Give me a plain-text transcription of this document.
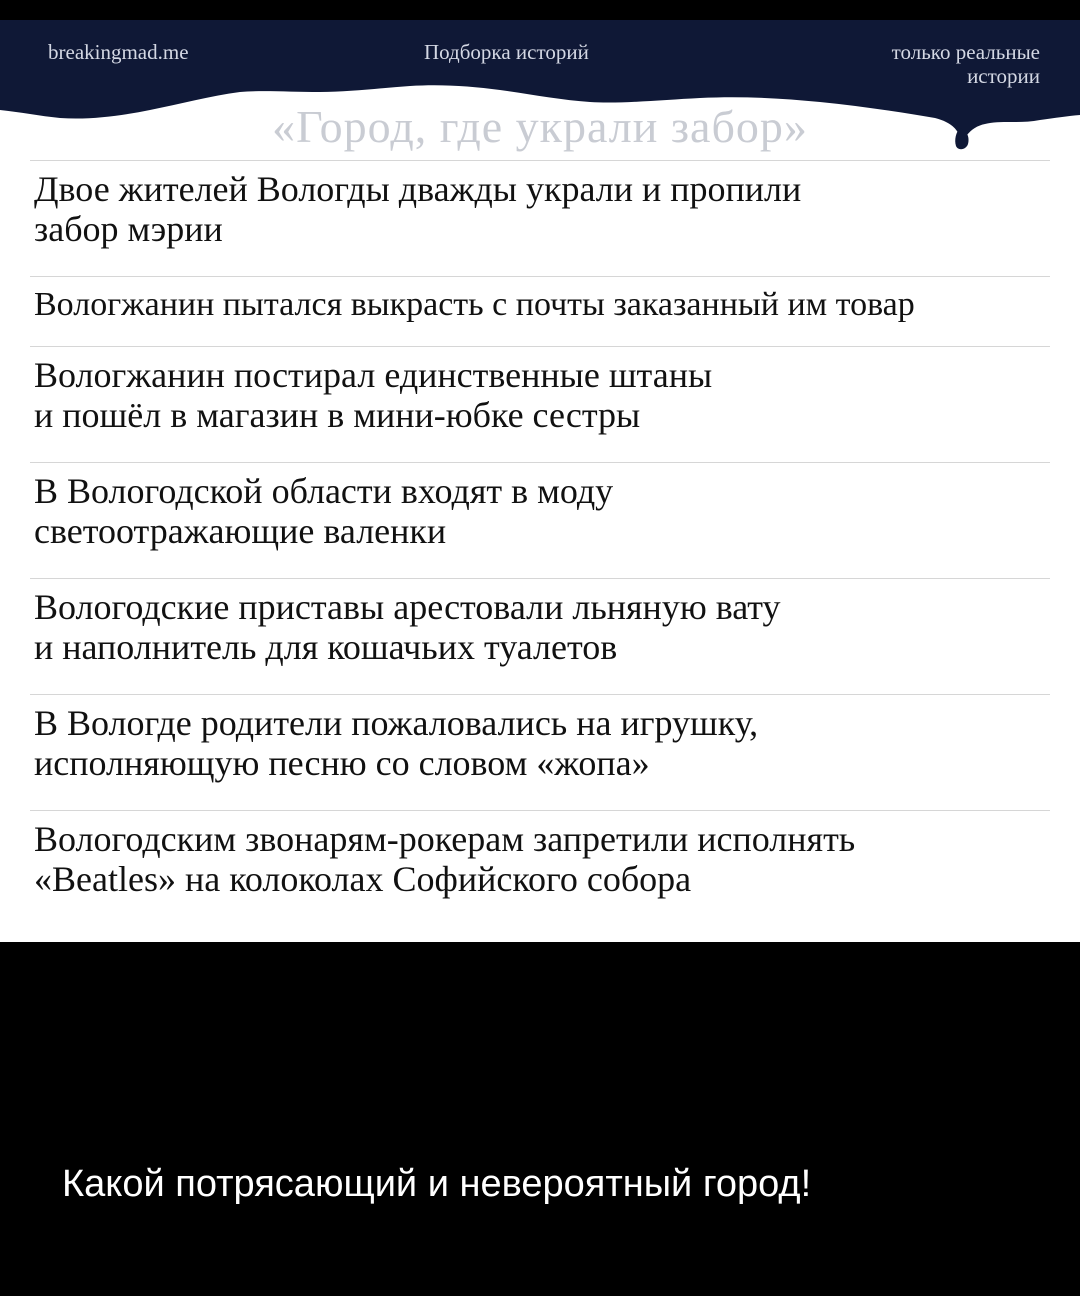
breakingmad.me	Подборка историй	только реальные
истории
«Город, где украли забор»
Двое жителей Вологды дважды украли и пропили
забор мэрии
Вологжанин пытался выкрасть с почты заказанный им товар
Вологжанин постирал единственные штаны
и пошёл в магазин в мини-юбке сестры
В Вологодской области входят в моду
светоотражающие валенки
Вологодские приставы арестовали льняную вату
и наполнитель для кошачьих туалетов
В Вологде родители пожаловались на игрушку,
исполняющую песню со словом «жопа»
Вологодским звонарям-рокерам запретили исполнять
«Beatles» на колоколах Софийского собора
Какой потрясающий и невероятный город!
